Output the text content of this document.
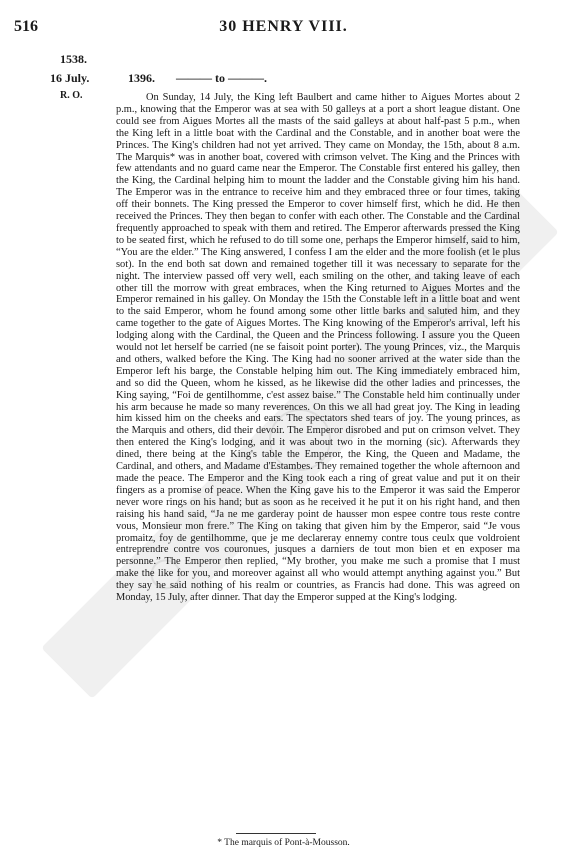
516	30 HENRY VIII.
1538.
16 July.	1396. ——— to ———.
R. O.	On Sunday, 14 July, the King left Baulbert and came hither to Aigues Mortes about 2 p.m., knowing that the Emperor was at sea with 50 galleys at a port a short league distant. One could see from Aigues Mortes all the masts of the said galleys at about half-past 5 p.m., when the King left in a little boat with the Cardinal and the Constable, and in another boat were the Princes. The King's children had not yet arrived. They came on Monday, the 15th, about 8 a.m. The Marquis* was in another boat, covered with crimson velvet. The King and the Princes with few attendants and no guard came near the Emperor. The Constable first entered his galley, then the King, the Cardinal helping him to mount the ladder and the Constable giving him his hand. The Emperor was in the entrance to receive him and they embraced three or four times, taking off their bonnets. The King pressed the Emperor to cover himself first, which he did. He then received the Princes. They then began to confer with each other. The Constable and the Cardinal frequently approached to speak with them and retired. The Emperor afterwards pressed the King to be seated first, which he refused to do till some one, perhaps the Emperor himself, said to him, “You are the elder.” The King answered, I confess I am the elder and the more foolish (et le plus sot). In the end both sat down and remained together till it was necessary to separate for the night. The interview passed off very well, each smiling on the other, and taking leave of each other till the morrow with great embraces, when the King returned to Aigues Mortes and the Emperor remained in his galley. On Monday the 15th the Constable left in a little boat and went to the said Emperor, whom he found among some other little barks and saluted him, and they came together to the gate of Aigues Mortes. The King knowing of the Emperor's arrival, left his lodging along with the Cardinal, the Queen and the Princess following. I assure you the Queen would not let herself be carried (ne se faisoit point porter). The young Princes, viz., the Marquis and others, walked before the King. The King had no sooner arrived at the water side than the Emperor left his barge, the Constable helping him out. The King immediately embraced him, and so did the Queen, whom he kissed, as he likewise did the other ladies and princesses, the King saying, “Foi de gentilhomme, c'est assez baise.” The Constable held him continually under his arm because he made so many reverences. On this we all had great joy. The King in leading him kissed him on the cheeks and ears. The spectators shed tears of joy. The young princes, as the Marquis and others, did their devoir. The Emperor disrobed and put on crimson velvet. They then entered the King's lodging, and it was about two in the morning (sic). Afterwards they dined, there being at the King's table the Emperor, the King, the Queen and Madame, the Cardinal, and others, and Madame d'Estambes. They remained together the whole afternoon and made the peace. The Emperor and the King took each a ring of great value and put it on their fingers as a promise of peace. When the King gave his to the Emperor it was said the Emperor never wore rings on his hand; but as soon as he received it he put it on his right hand, and then raising his hand said, “Ja ne me garderay point de hausser mon espee contre tous reste contre vous, Monsieur mon frere.” The King on taking that given him by the Emperor, said “Je vous promaitz, foy de gentilhomme, que je me declareray ennemy contre tous ceulx que voldroient entreprendre contre vos couronues, jusques a darniers de tout mon bien et en exposer ma personne.” The Emperor then replied, “My brother, you make me such a promise that I must make the like for you, and moreover against all who would attempt anything against you.” But they say he said nothing of his realm or countries, as Francis had done. This was agreed on Monday, 15 July, after dinner. That day the Emperor supped at the King's lodging.
* The marquis of Pont-à-Mousson.
